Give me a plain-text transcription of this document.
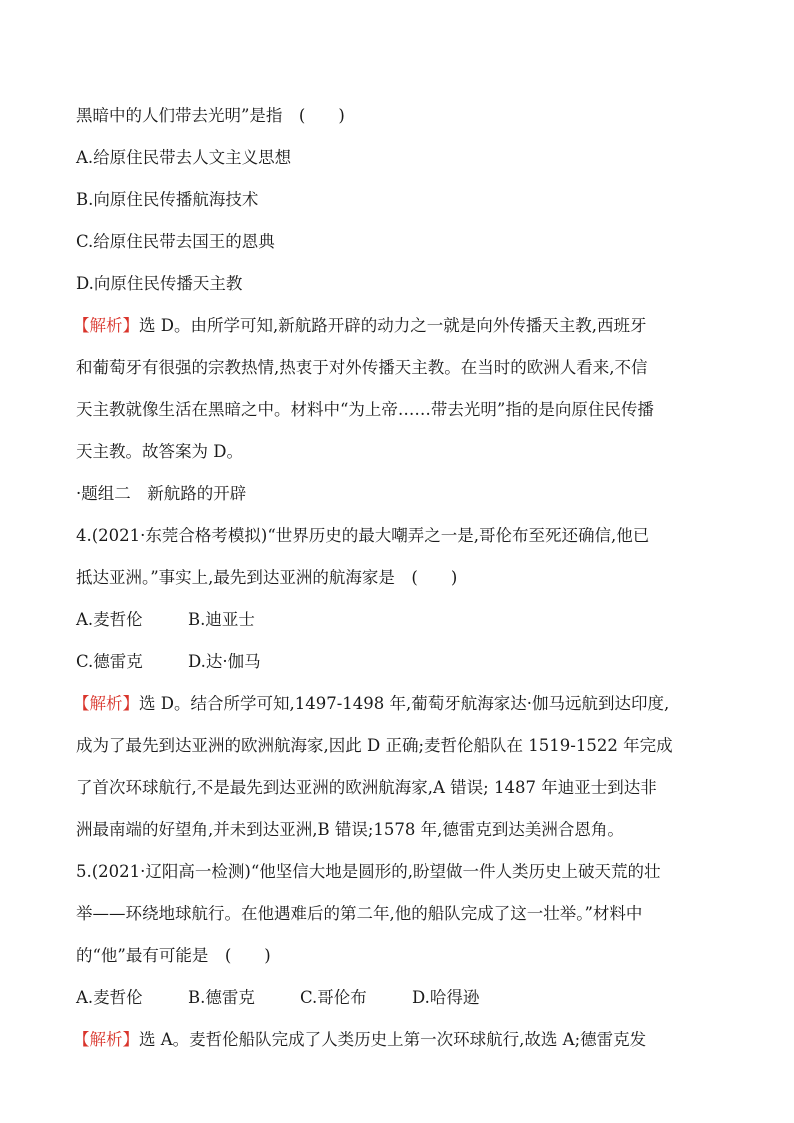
黑暗中的人们带去光明”是指　(　　)
A.给原住民带去人文主义思想
B.向原住民传播航海技术
C.给原住民带去国王的恩典
D.向原住民传播天主教
【解析】选 D。由所学可知,新航路开辟的动力之一就是向外传播天主教,西班牙
和葡萄牙有很强的宗教热情,热衷于对外传播天主教。在当时的欧洲人看来,不信
天主教就像生活在黑暗之中。材料中“为上帝……带去光明”指的是向原住民传播
天主教。故答案为 D。
·题组二　新航路的开辟
4.(2021·东莞合格考模拟)“世界历史的最大嘲弄之一是,哥伦布至死还确信,他已
抵达亚洲。”事实上,最先到达亚洲的航海家是　(　　)
A.麦哲伦	B.迪亚士
C.德雷克	D.达·伽马
【解析】选 D。结合所学可知,1497-1498 年,葡萄牙航海家达·伽马远航到达印度,
成为了最先到达亚洲的欧洲航海家,因此 D 正确;麦哲伦船队在 1519-1522 年完成
了首次环球航行,不是最先到达亚洲的欧洲航海家,A 错误; 1487 年迪亚士到达非
洲最南端的好望角,并未到达亚洲,B 错误;1578 年,德雷克到达美洲合恩角。
5.(2021·辽阳高一检测)“他坚信大地是圆形的,盼望做一件人类历史上破天荒的壮
举——环绕地球航行。在他遇难后的第二年,他的船队完成了这一壮举。”材料中
的“他”最有可能是　(　　)
A.麦哲伦	B.德雷克	C.哥伦布	D.哈得逊
【解析】选 A。麦哲伦船队完成了人类历史上第一次环球航行,故选 A;德雷克发
